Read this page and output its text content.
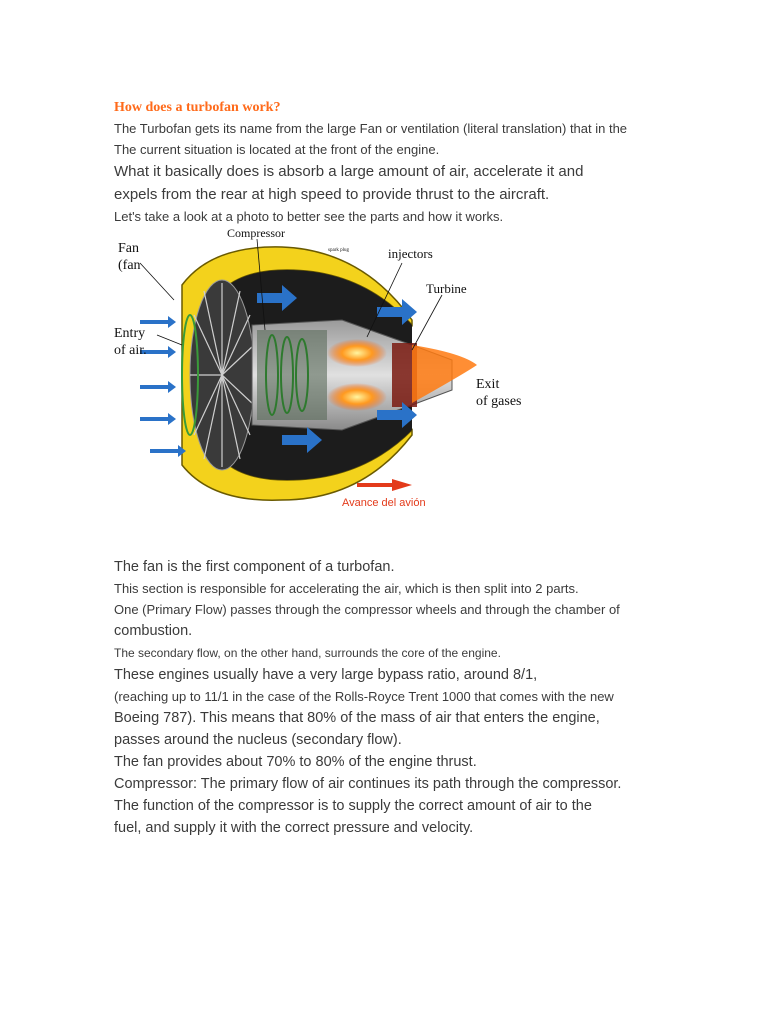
How does a turbofan work?

The Turbofan gets its name from the large Fan or ventilation (literal translation) that in the

The current situation is located at the front of the engine.

What it basically does is absorb a large amount of air, accelerate it and

expels from the rear at high speed to provide thrust to the aircraft.

Let's take a look at a photo to better see the parts and how it works.

Fan
(fan
Compressor
spark plug	injectors
Turbine
Entry
of air.
Exit
of gases
Avance del avión

The fan is the first component of a turbofan.

This section is responsible for accelerating the air, which is then split into 2 parts.

One (Primary Flow) passes through the compressor wheels and through the chamber of

combustion.

The secondary flow, on the other hand, surrounds the core of the engine.

These engines usually have a very large bypass ratio, around 8/1,

(reaching up to 11/1 in the case of the Rolls-Royce Trent 1000 that comes with the new

Boeing 787). This means that 80% of the mass of air that enters the engine,

passes around the nucleus (secondary flow).

The fan provides about 70% to 80% of the engine thrust.

Compressor: The primary flow of air continues its path through the compressor.

The function of the compressor is to supply the correct amount of air to the

fuel, and supply it with the correct pressure and velocity.
